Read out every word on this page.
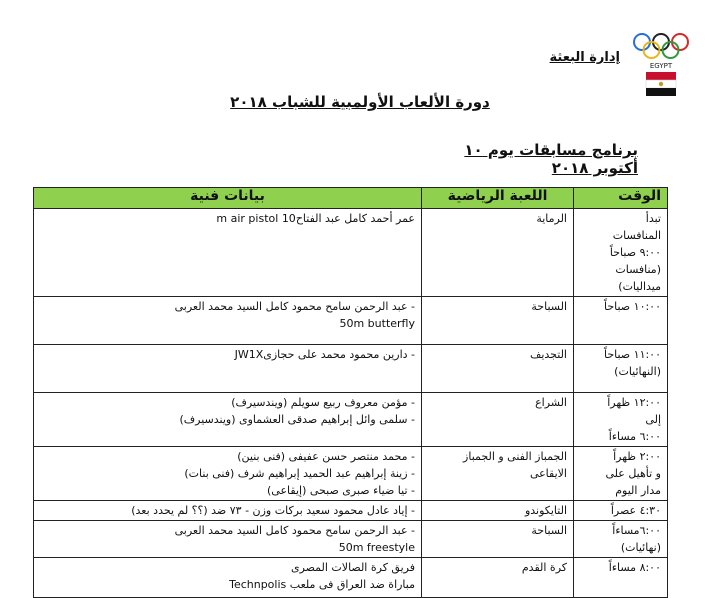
EGYPT
إدارة البعثة
دورة الألعاب الأولمبية للشباب ٢٠١٨
برنامج مسابقات يوم ١٠ أكتوبر ٢٠١٨
الوقت	اللعبة الرياضية	بيانات فنية

تبدأ
المنافسات
٩:٠٠ صباحاً
(منافسات
ميداليات)	الرماية	عمر أحمد كامل عبد الفتاح10 m air pistol

١٠:٠٠ صباحاً	السباحة	- عبد الرحمن سامح محمود كامل السيد محمد العربى
50m butterfly

١١:٠٠ صباحاً
(النهائيات)	التجديف	- دارين محمود محمد على حجازىJW1X

١٢:٠٠ ظهراً
إلى
٦:٠٠ مساءاً	الشراع	- مؤمن معروف ربيع سويلم (ويندسيرف)
- سلمى وائل إبراهيم صدقى العشماوى (ويندسيرف)

٢:٠٠ ظهراً
و تأهيل على
مدار اليوم	الجمباز الفنى و الجمباز
الايقاعى	- محمد منتصر حسن عفيفى (فنى بنين)
- زينة إبراهيم عبد الحميد إبراهيم شرف (فنى بنات)
- تيا ضياء صبرى صبحى (إيقاعى)

٤:٣٠ عصراً	التايكوندو	- إياد عادل محمود سعيد بركات وزن - ٧٣ ضد (؟؟ لم يحدد بعد)

٦:٠٠مساءاً
(نهائيات)	السباحة	- عبد الرحمن سامح محمود كامل السيد محمد العربى
50m freestyle

٨:٠٠ مساءاً	كرة القدم	فريق كرة الصالات المصرى
مباراة ضد العراق فى ملعب Technpolis
